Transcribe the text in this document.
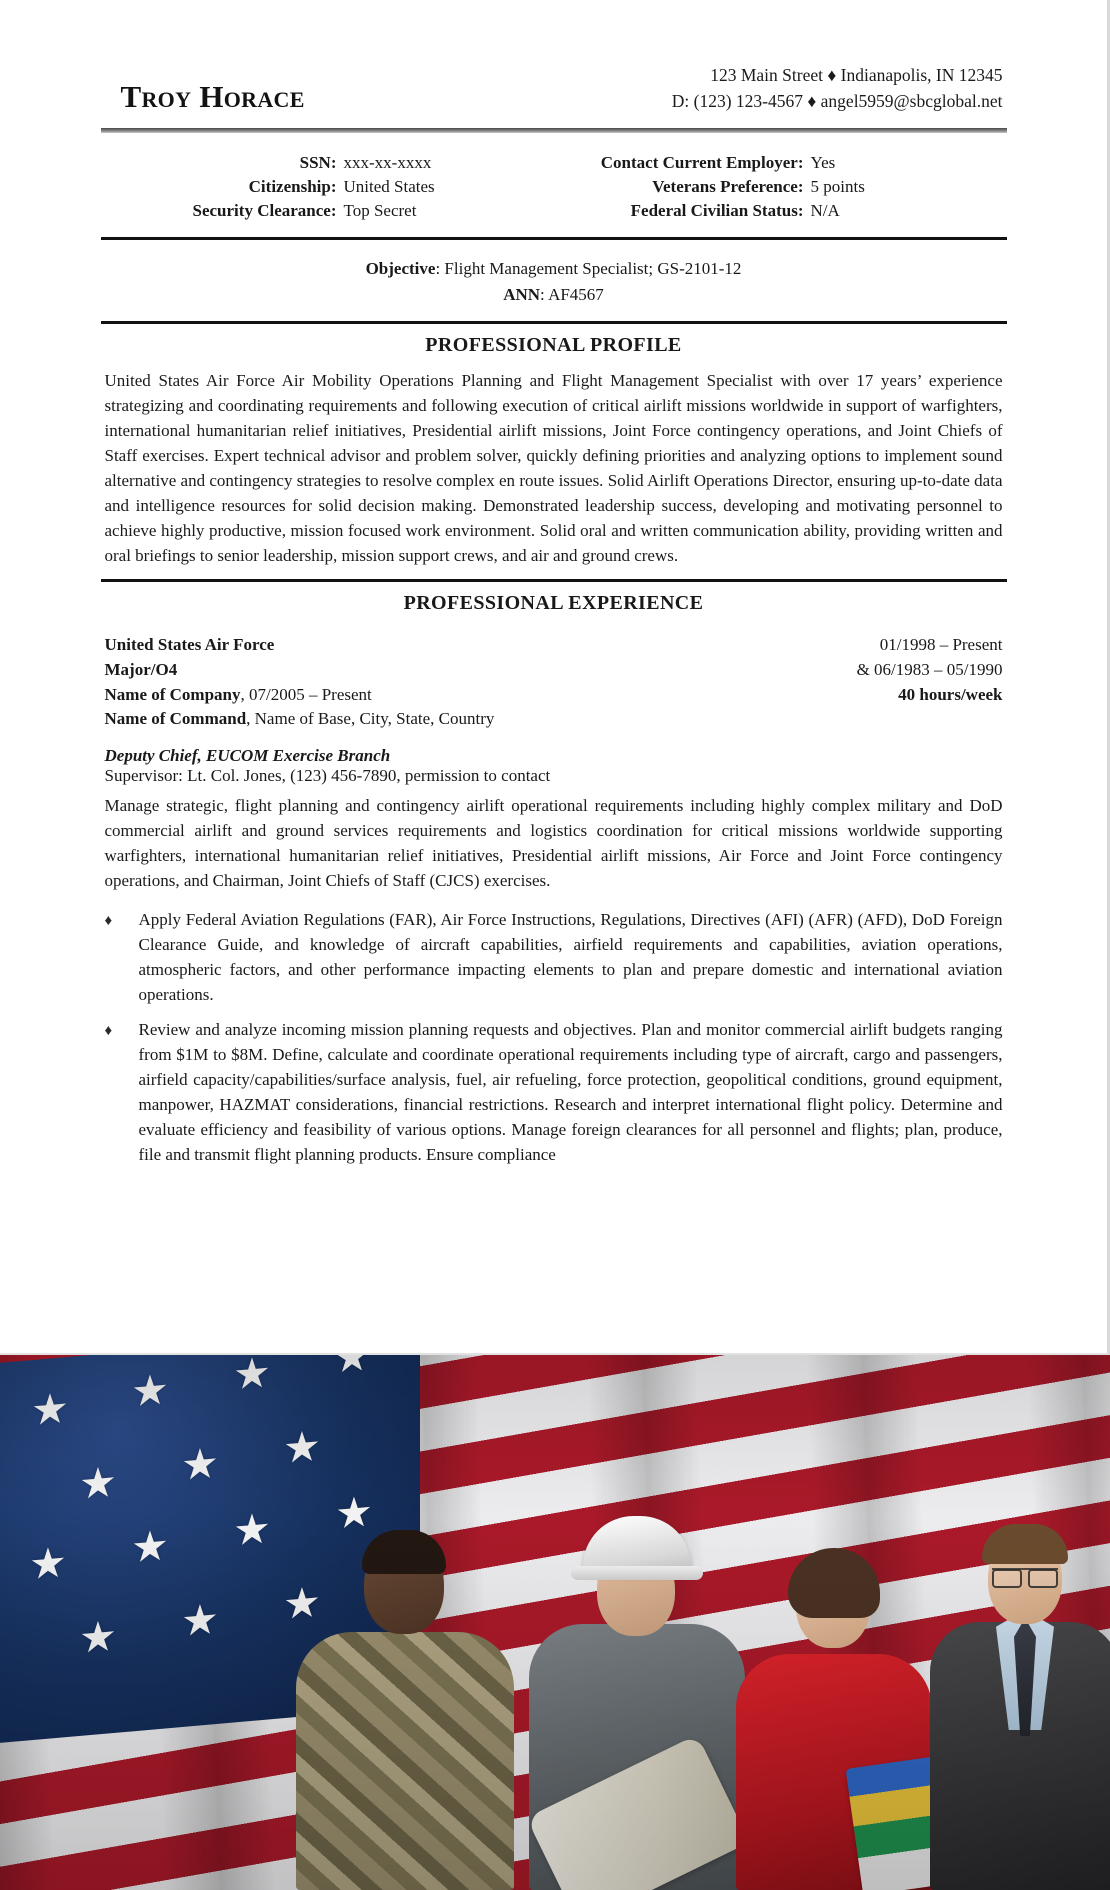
Troy Horace
123 Main Street ♦ Indianapolis, IN 12345
D: (123) 123-4567 ♦ angel5959@sbcglobal.net
SSN: xxx-xx-xxxx
Citizenship: United States
Security Clearance: Top Secret
Contact Current Employer: Yes
Veterans Preference: 5 points
Federal Civilian Status: N/A
Objective: Flight Management Specialist; GS-2101-12
ANN: AF4567
PROFESSIONAL PROFILE
United States Air Force Air Mobility Operations Planning and Flight Management Specialist with over 17 years’ experience strategizing and coordinating requirements and following execution of critical airlift missions worldwide in support of warfighters, international humanitarian relief initiatives, Presidential airlift missions, Joint Force contingency operations, and Joint Chiefs of Staff exercises. Expert technical advisor and problem solver, quickly defining priorities and analyzing options to implement sound alternative and contingency strategies to resolve complex en route issues. Solid Airlift Operations Director, ensuring up-to-date data and intelligence resources for solid decision making. Demonstrated leadership success, developing and motivating personnel to achieve highly productive, mission focused work environment. Solid oral and written communication ability, providing written and oral briefings to senior leadership, mission support crews, and air and ground crews.
PROFESSIONAL EXPERIENCE
United States Air Force
Major/O4
Name of Company, 07/2005 – Present
Name of Command, Name of Base, City, State, Country
01/1998 – Present
& 06/1983 – 05/1990
40 hours/week
Deputy Chief, EUCOM Exercise Branch
Supervisor: Lt. Col. Jones, (123) 456-7890, permission to contact
Manage strategic, flight planning and contingency airlift operational requirements including highly complex military and DoD commercial airlift and ground services requirements and logistics coordination for critical missions worldwide supporting warfighters, international humanitarian relief initiatives, Presidential airlift missions, Air Force and Joint Force contingency operations, and Chairman, Joint Chiefs of Staff (CJCS) exercises.
♦	Apply Federal Aviation Regulations (FAR), Air Force Instructions, Regulations, Directives (AFI) (AFR) (AFD), DoD Foreign Clearance Guide, and knowledge of aircraft capabilities, airfield requirements and capabilities, aviation operations, atmospheric factors, and other performance impacting elements to plan and prepare domestic and international aviation operations.
♦	Review and analyze incoming mission planning requests and objectives. Plan and monitor commercial airlift budgets ranging from $1M to $8M. Define, calculate and coordinate operational requirements including type of aircraft, cargo and passengers, airfield capacity/capabilities/surface analysis, fuel, air refueling, force protection, geopolitical conditions, ground equipment, manpower, HAZMAT considerations, financial restrictions. Research and interpret international flight policy. Determine and evaluate efficiency and feasibility of various options. Manage foreign clearances for all personnel and flights; plan, produce, file and transmit flight planning products. Ensure compliance
